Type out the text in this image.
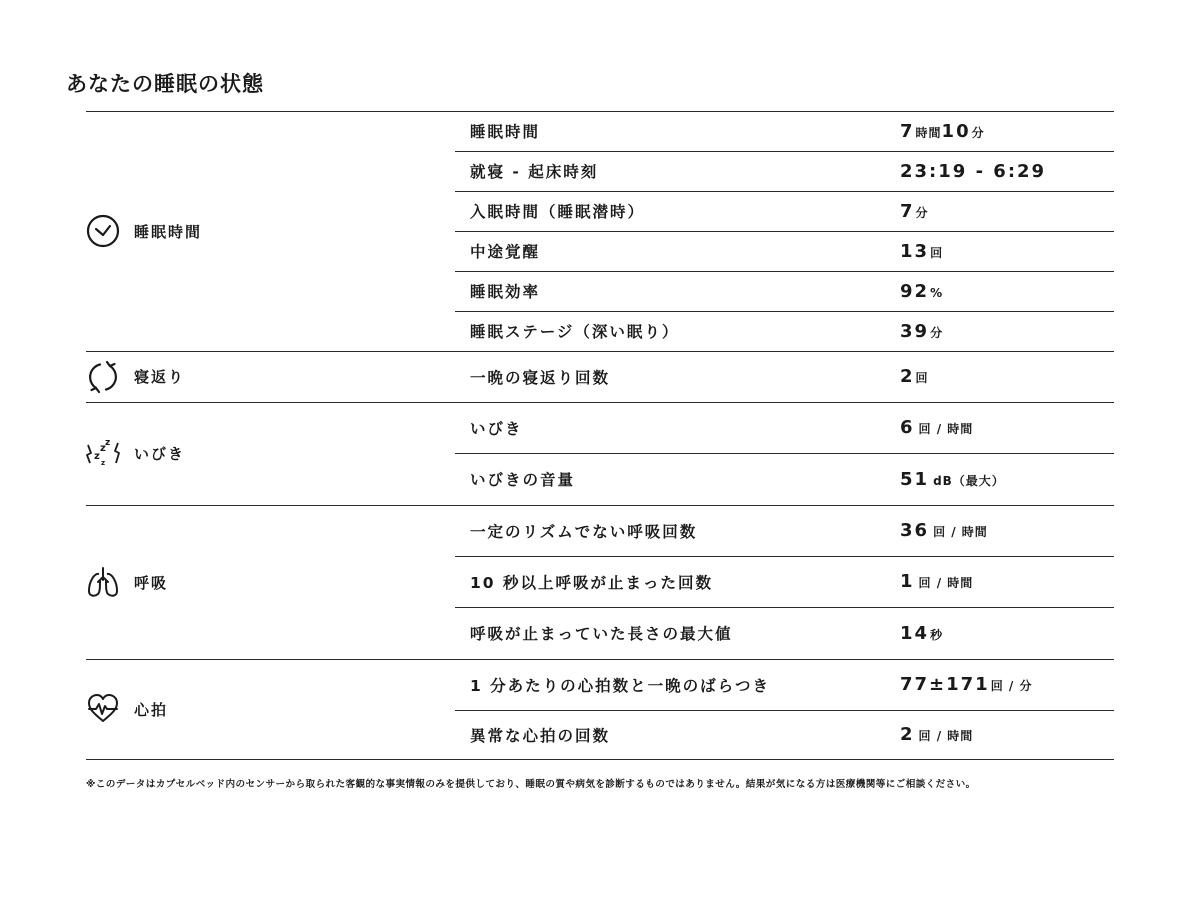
あなたの睡眠の状態
睡眠時間
睡眠時間	7時間10分
就寝 - 起床時刻	23:19 - 6:29
入眠時間（睡眠潜時）	7分
中途覚醒	13回
睡眠効率	92%
睡眠ステージ（深い眠り）	39分
寝返り	一晩の寝返り回数	2回
z
z z
z いびき
いびき	6 回 / 時間
いびきの音量	51 dB（最大）
呼吸
一定のリズムでない呼吸回数	36 回 / 時間
10 秒以上呼吸が止まった回数	1 回 / 時間
呼吸が止まっていた長さの最大値	14秒
心拍
1 分あたりの心拍数と一晩のばらつき	77±171回 / 分
異常な心拍の回数	2 回 / 時間
※このデータはカプセルベッド内のセンサーから取られた客観的な事実情報のみを提供しており、睡眠の質や病気を診断するものではありません。結果が気になる方は医療機関等にご相談ください。
